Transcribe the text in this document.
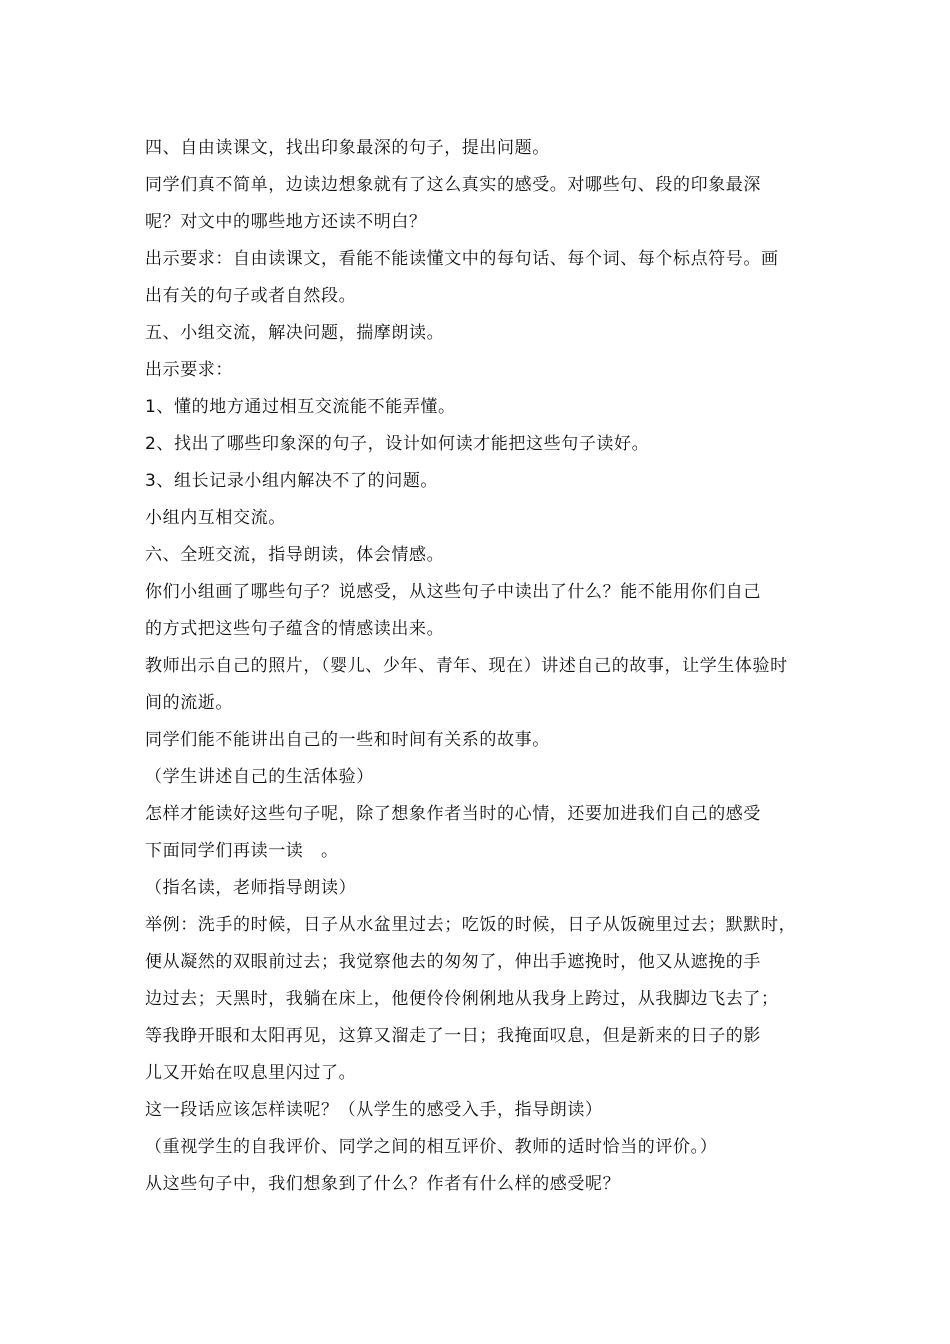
四、自由读课文，找出印象最深的句子，提出问题。
同学们真不简单，边读边想象就有了这么真实的感受。对哪些句、段的印象最深
呢？对文中的哪些地方还读不明白？
出示要求：自由读课文，看能不能读懂文中的每句话、每个词、每个标点符号。画
出有关的句子或者自然段。
五、小组交流，解决问题，揣摩朗读。
出示要求：
1、懂的地方通过相互交流能不能弄懂。
2、找出了哪些印象深的句子，设计如何读才能把这些句子读好。
3、组长记录小组内解决不了的问题。
小组内互相交流。
六、全班交流，指导朗读，体会情感。
你们小组画了哪些句子？说感受，从这些句子中读出了什么？能不能用你们自己
的方式把这些句子蕴含的情感读出来。
教师出示自己的照片，（婴儿、少年、青年、现在）讲述自己的故事，让学生体验时
间的流逝。
同学们能不能讲出自己的一些和时间有关系的故事。
（学生讲述自己的生活体验）
怎样才能读好这些句子呢，除了想象作者当时的心情，还要加进我们自己的感受
下面同学们再读一读　。
（指名读，老师指导朗读）
举例：洗手的时候，日子从水盆里过去；吃饭的时候，日子从饭碗里过去；默默时，
便从凝然的双眼前过去；我觉察他去的匆匆了，伸出手遮挽时，他又从遮挽的手
边过去；天黑时，我躺在床上，他便伶伶俐俐地从我身上跨过，从我脚边飞去了；
等我睁开眼和太阳再见，这算又溜走了一日；我掩面叹息，但是新来的日子的影
儿又开始在叹息里闪过了。
这一段话应该怎样读呢？（从学生的感受入手，指导朗读）
（重视学生的自我评价、同学之间的相互评价、教师的适时恰当的评价。）
从这些句子中，我们想象到了什么？作者有什么样的感受呢？
